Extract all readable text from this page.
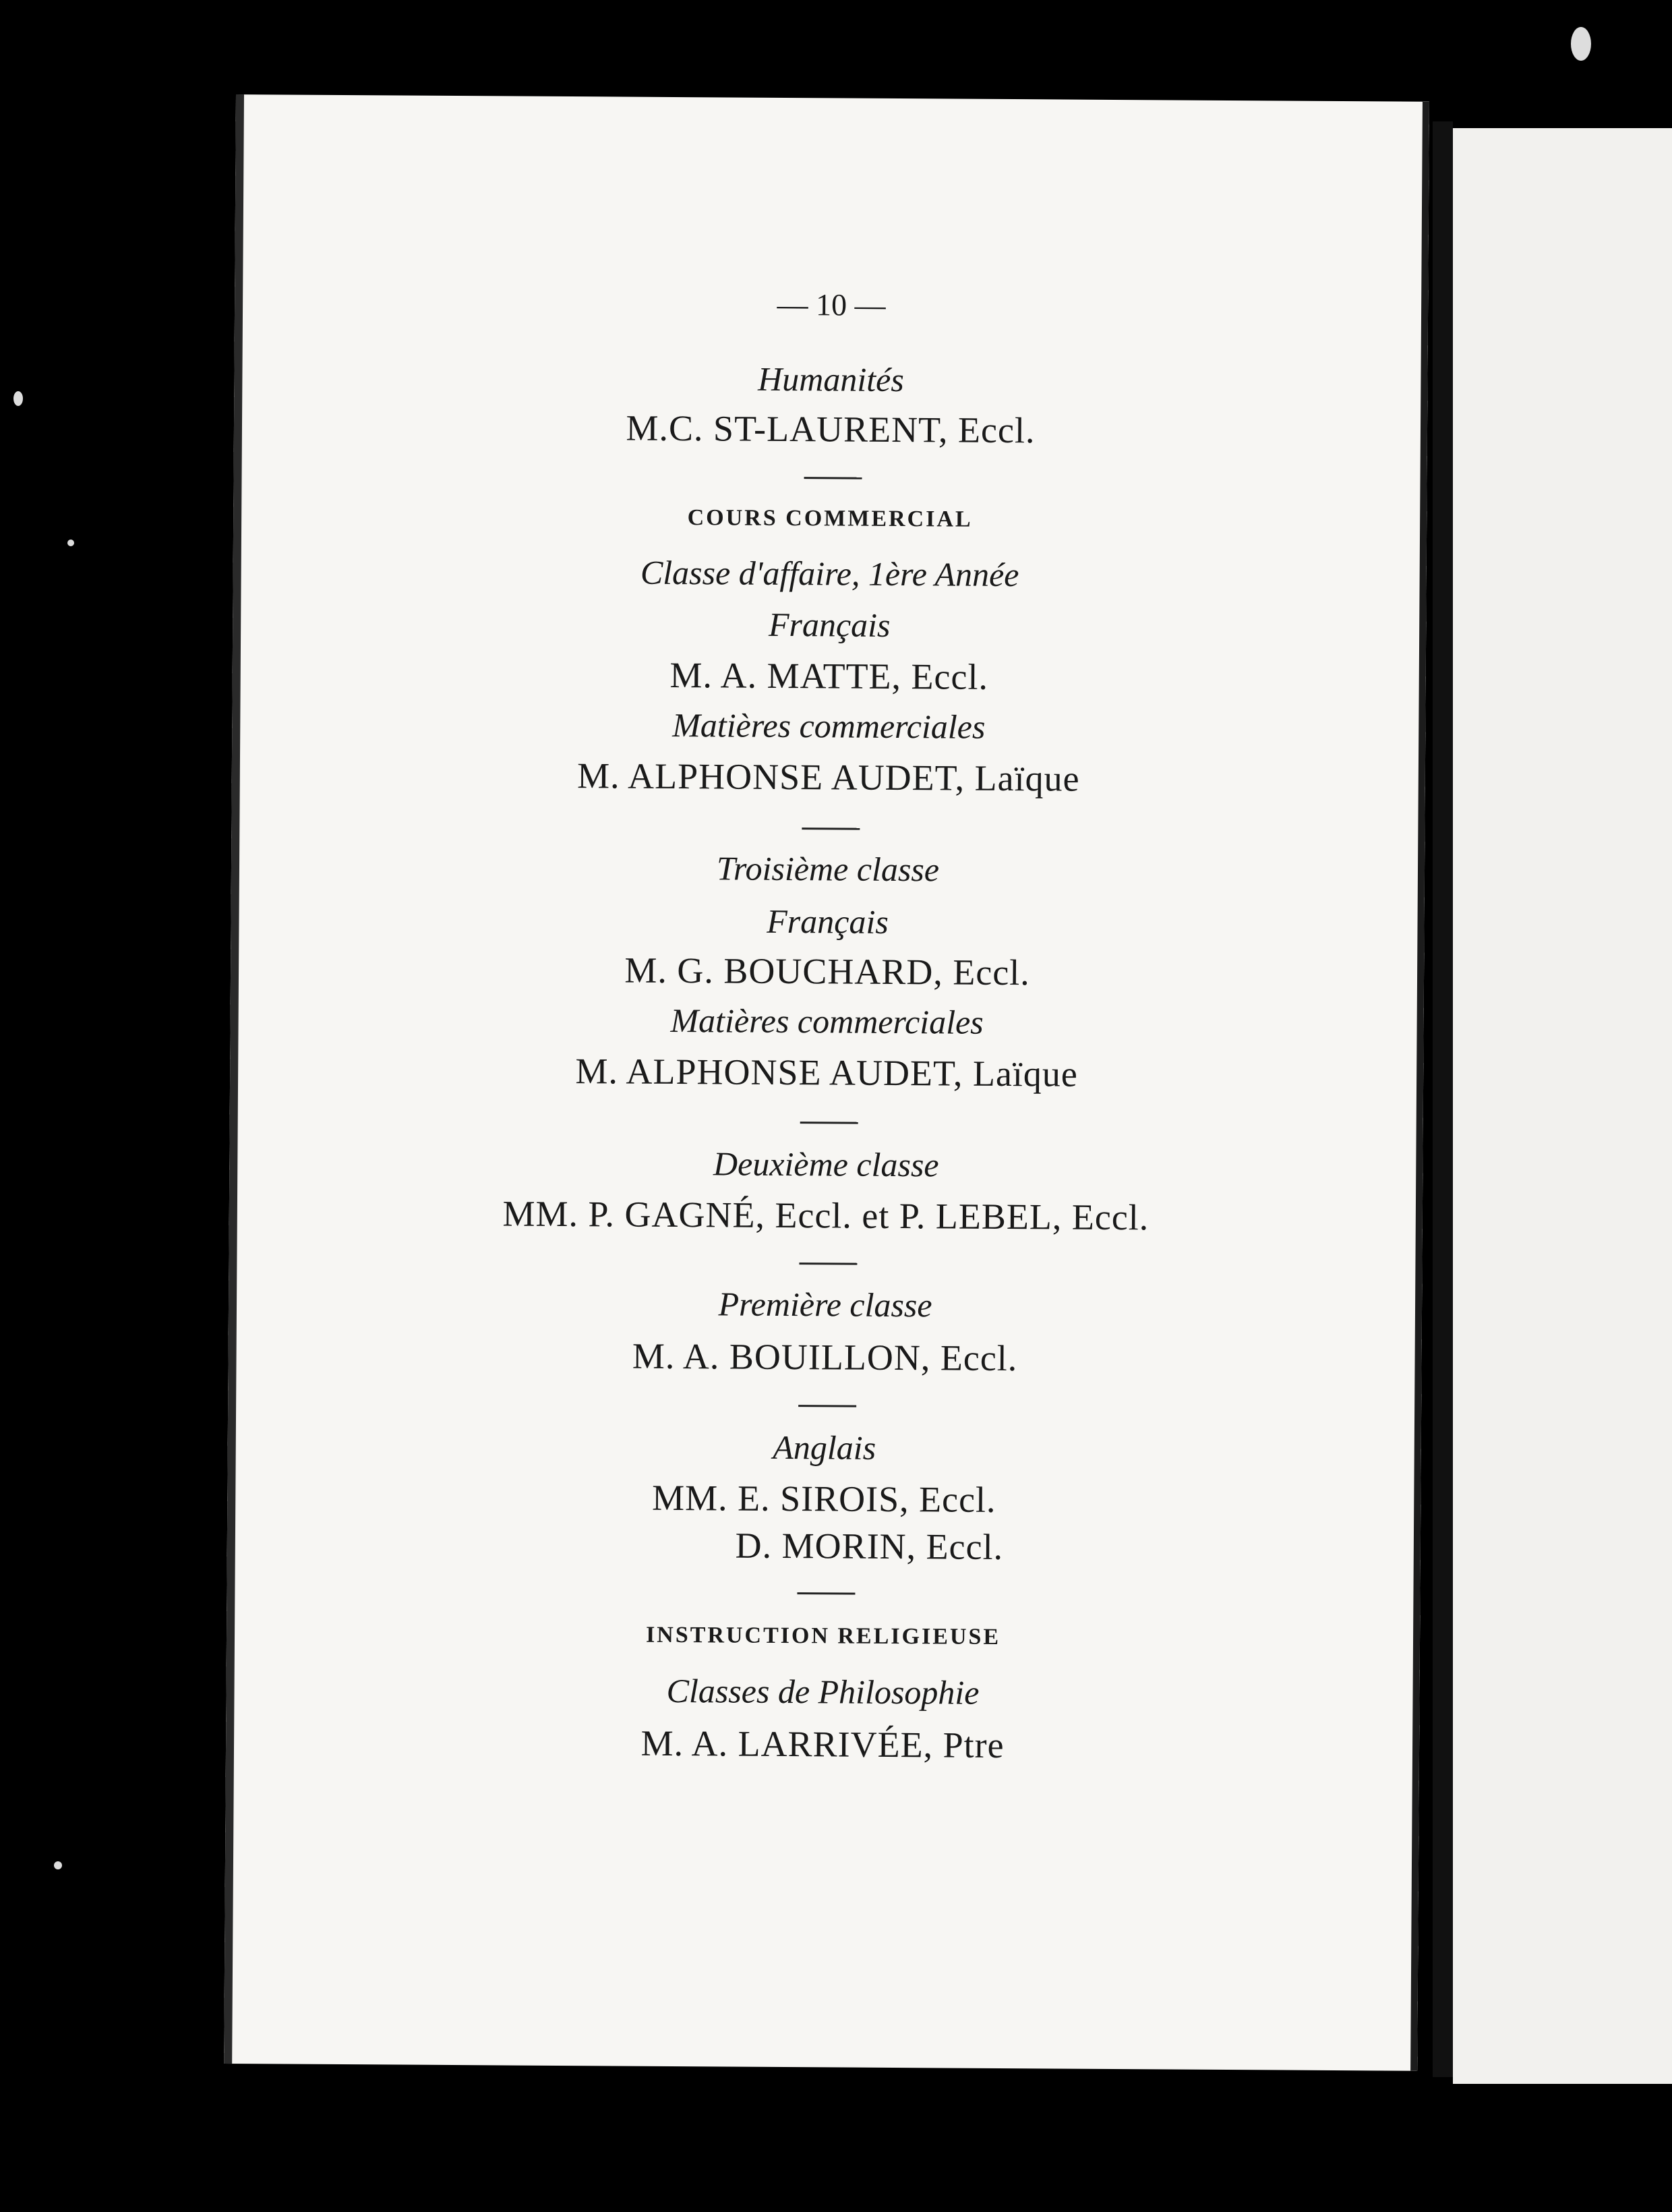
— 10 —
Humanités
M.C. ST-LAURENT, Eccl.
COURS COMMERCIAL
Classe d'affaire, 1ère Année
Français
M. A. MATTE, Eccl.
Matières commerciales
M. ALPHONSE AUDET, Laïque
Troisième classe
Français
M. G. BOUCHARD, Eccl.
Matières commerciales
M. ALPHONSE AUDET, Laïque
Deuxième classe
MM. P. GAGNÉ, Eccl. et P. LEBEL, Eccl.
Première classe
M. A. BOUILLON, Eccl.
Anglais
MM. E. SIROIS, Eccl.
D. MORIN, Eccl.
INSTRUCTION RELIGIEUSE
Classes de Philosophie
M. A. LARRIVÉE, Ptre
